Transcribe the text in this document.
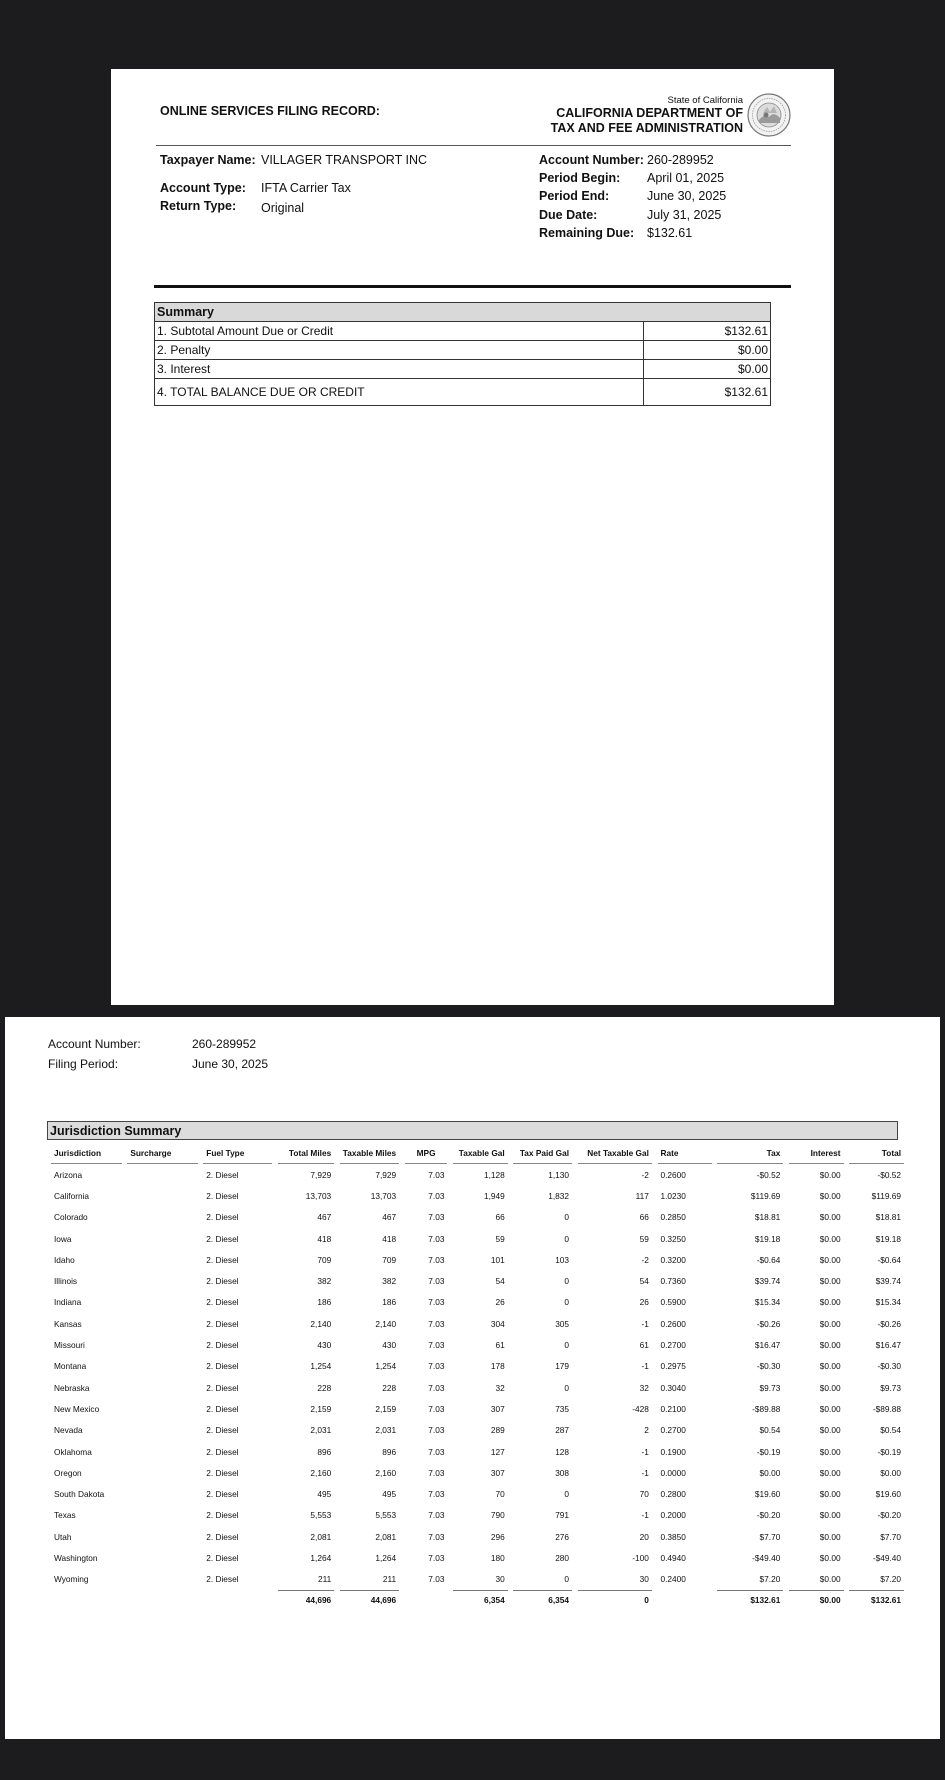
ONLINE SERVICES FILING RECORD:
State of California
CALIFORNIA DEPARTMENT OF
TAX AND FEE ADMINISTRATION
Taxpayer Name: VILLAGER TRANSPORT INC
Account Type: IFTA Carrier Tax
Return Type: Original
Account Number: 260-289952
Period Begin: April 01, 2025
Period End:	June 30, 2025
Due Date:	July 31, 2025
Remaining Due: $132.61
Summary	
1. Subtotal Amount Due or Credit	$132.61
2. Penalty	$0.00
3. Interest	$0.00
4. TOTAL BALANCE DUE OR CREDIT	$132.61
Account Number:	260-289952
Filing Period:	June 30, 2025
Jurisdiction Summary
Jurisdiction		Surcharge		Fuel Type		Total Miles		Taxable Miles		MPG		Taxable Gal		Tax Paid Gal		Net Taxable Gal		Rate		Tax		Interest		Total
Arizona				2. Diesel		7,929		7,929		7.03		1,128		1,130		-2		0.2600		-$0.52		$0.00		-$0.52
California				2. Diesel		13,703		13,703		7.03		1,949		1,832		117		1.0230		$119.69		$0.00		$119.69
Colorado				2. Diesel		467		467		7.03		66		0		66		0.2850		$18.81		$0.00		$18.81
Iowa				2. Diesel		418		418		7.03		59		0		59		0.3250		$19.18		$0.00		$19.18
Idaho				2. Diesel		709		709		7.03		101		103		-2		0.3200		-$0.64		$0.00		-$0.64
Illinois				2. Diesel		382		382		7.03		54		0		54		0.7360		$39.74		$0.00		$39.74
Indiana				2. Diesel		186		186		7.03		26		0		26		0.5900		$15.34		$0.00		$15.34
Kansas				2. Diesel		2,140		2,140		7.03		304		305		-1		0.2600		-$0.26		$0.00		-$0.26
Missouri				2. Diesel		430		430		7.03		61		0		61		0.2700		$16.47		$0.00		$16.47
Montana				2. Diesel		1,254		1,254		7.03		178		179		-1		0.2975		-$0.30		$0.00		-$0.30
Nebraska				2. Diesel		228		228		7.03		32		0		32		0.3040		$9.73		$0.00		$9.73
New Mexico				2. Diesel		2,159		2,159		7.03		307		735		-428		0.2100		-$89.88		$0.00		-$89.88
Nevada				2. Diesel		2,031		2,031		7.03		289		287		2		0.2700		$0.54		$0.00		$0.54
Oklahoma				2. Diesel		896		896		7.03		127		128		-1		0.1900		-$0.19		$0.00		-$0.19
Oregon				2. Diesel		2,160		2,160		7.03		307		308		-1		0.0000		$0.00		$0.00		$0.00
South Dakota				2. Diesel		495		495		7.03		70		0		70		0.2800		$19.60		$0.00		$19.60
Texas				2. Diesel		5,553		5,553		7.03		790		791		-1		0.2000		-$0.20		$0.00		-$0.20
Utah				2. Diesel		2,081		2,081		7.03		296		276		20		0.3850		$7.70		$0.00		$7.70
Washington				2. Diesel		1,264		1,264		7.03		180		280		-100		0.4940		-$49.40		$0.00		-$49.40
Wyoming				2. Diesel		211		211		7.03		30		0		30		0.2400		$7.20		$0.00		$7.20
						44,696		44,696				6,354		6,354		0				$132.61		$0.00		$132.61
